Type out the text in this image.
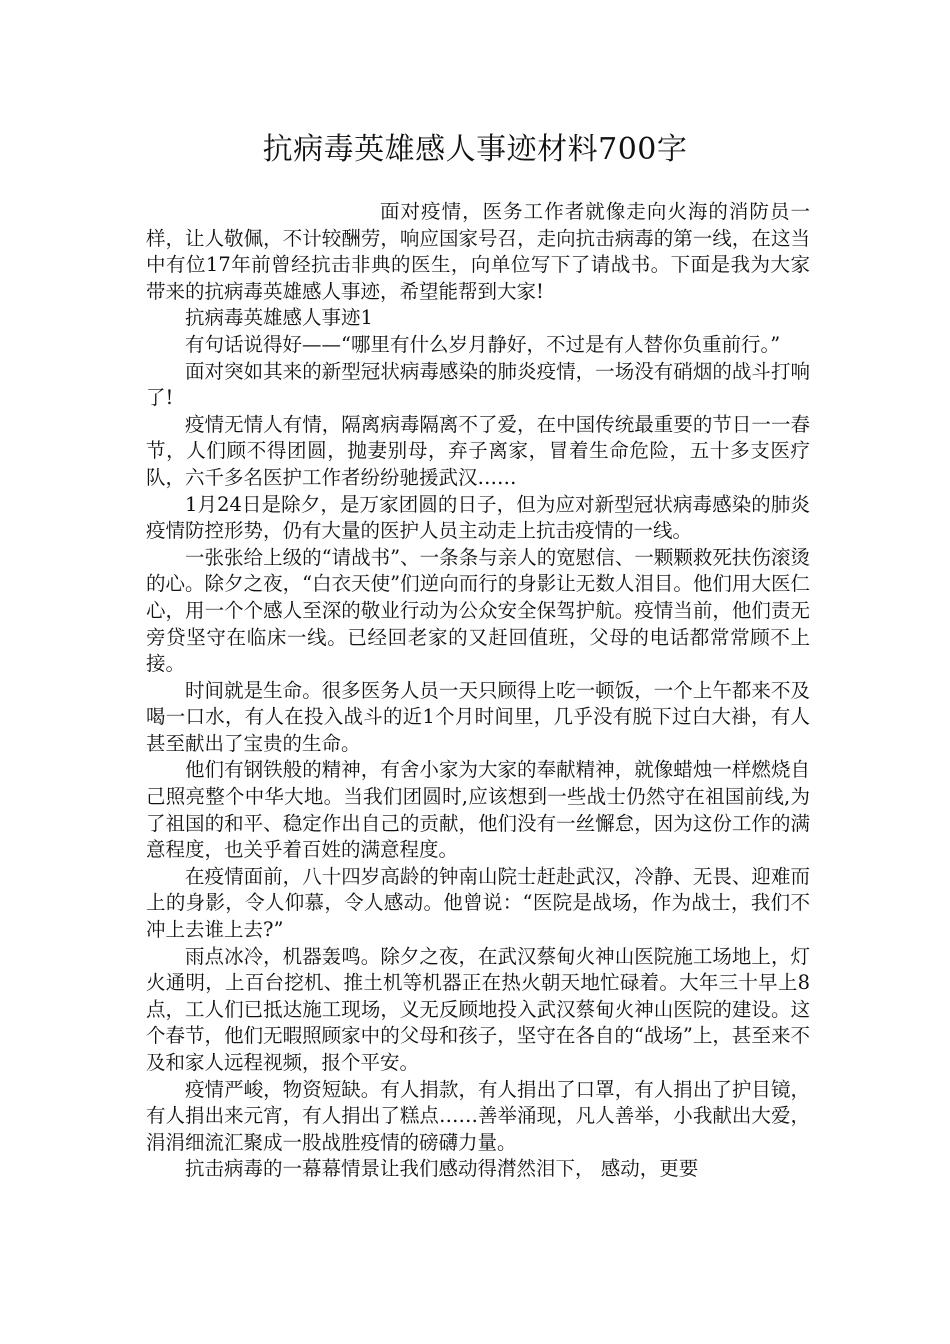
抗病毒英雄感人事迹材料700字

面对疫情，医务工作者就像走向火海的消防员一样，让人敬佩，不计较酬劳，响应国家号召，走向抗击病毒的第一线，在这当中有位17年前曾经抗击非典的医生，向单位写下了请战书。下面是我为大家带来的抗病毒英雄感人事迹，希望能帮到大家!

抗病毒英雄感人事迹1

有句话说得好——“哪里有什么岁月静好，不过是有人替你负重前行。”

面对突如其来的新型冠状病毒感染的肺炎疫情，一场没有硝烟的战斗打响了!

疫情无情人有情，隔离病毒隔离不了爱，在中国传统最重要的节日一一春节，人们顾不得团圆，抛妻别母，弃子离家，冒着生命危险，五十多支医疗队，六千多名医护工作者纷纷驰援武汉……

1月24日是除夕，是万家团圆的日子，但为应对新型冠状病毒感染的肺炎疫情防控形势，仍有大量的医护人员主动走上抗击疫情的一线。

一张张给上级的“请战书”、一条条与亲人的宽慰信、一颗颗救死扶伤滚烫的心。除夕之夜，“白衣天使”们逆向而行的身影让无数人泪目。他们用大医仁心，用一个个感人至深的敬业行动为公众安全保驾护航。疫情当前，他们责无旁贷坚守在临床一线。已经回老家的又赶回值班，父母的电话都常常顾不上接。

时间就是生命。很多医务人员一天只顾得上吃一顿饭，一个上午都来不及喝一口水，有人在投入战斗的近1个月时间里，几乎没有脱下过白大褂，有人甚至献出了宝贵的生命。

他们有钢铁般的精神，有舍小家为大家的奉献精神，就像蜡烛一样燃烧自己照亮整个中华大地。当我们团圆时,应该想到一些战士仍然守在祖国前线,为了祖国的和平、稳定作出自己的贡献，他们没有一丝懈怠，因为这份工作的满意程度，也关乎着百姓的满意程度。

在疫情面前，八十四岁高龄的钟南山院士赶赴武汉，冷静、无畏、迎难而上的身影，令人仰慕，令人感动。他曾说：“医院是战场，作为战士，我们不冲上去谁上去?”

雨点冰冷，机器轰鸣。除夕之夜，在武汉蔡甸火神山医院施工场地上，灯火通明，上百台挖机、推土机等机器正在热火朝天地忙碌着。大年三十早上8点，工人们已抵达施工现场，义无反顾地投入武汉蔡甸火神山医院的建设。这个春节，他们无暇照顾家中的父母和孩子，坚守在各自的“战场”上，甚至来不及和家人远程视频，报个平安。

疫情严峻，物资短缺。有人捐款，有人捐出了口罩，有人捐出了护目镜，有人捐出来元宵，有人捐出了糕点……善举涌现，凡人善举，小我献出大爱，涓涓细流汇聚成一股战胜疫情的磅礴力量。

抗击病毒的一幕幕情景让我们感动得潸然泪下， 感动，更要
